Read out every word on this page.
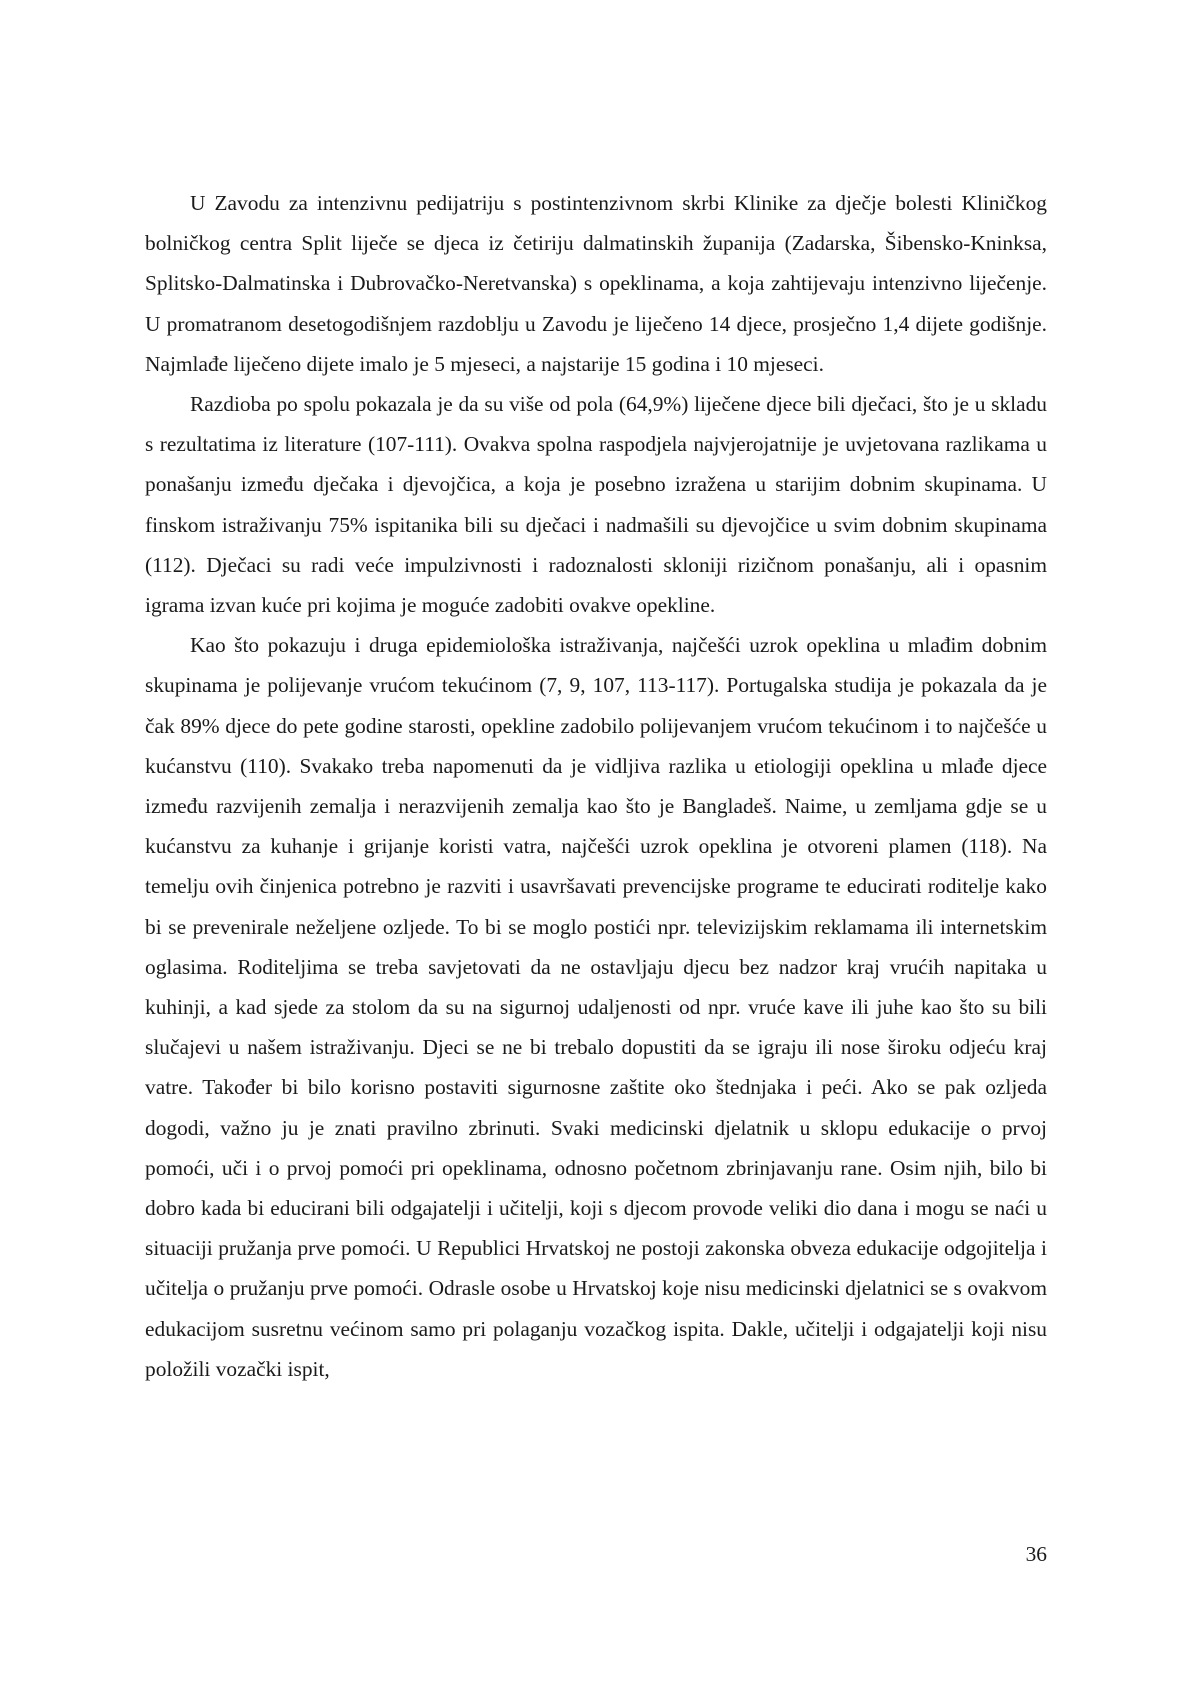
U Zavodu za intenzivnu pedijatriju s postintenzivnom skrbi Klinike za dječje bolesti Kliničkog bolničkog centra Split liječe se djeca iz četiriju dalmatinskih županija (Zadarska, Šibensko-Kninksa, Splitsko-Dalmatinska i Dubrovačko-Neretvanska) s opeklinama, a koja zahtijevaju intenzivno liječenje. U promatranom desetogodišnjem razdoblju u Zavodu je liječeno 14 djece, prosječno 1,4 dijete godišnje. Najmlađe liječeno dijete imalo je 5 mjeseci, a najstarije 15 godina i 10 mjeseci.

Razdioba po spolu pokazala je da su više od pola (64,9%) liječene djece bili dječaci, što je u skladu s rezultatima iz literature (107-111). Ovakva spolna raspodjela najvjerojatnije je uvjetovana razlikama u ponašanju između dječaka i djevojčica, a koja je posebno izražena u starijim dobnim skupinama. U finskom istraživanju 75% ispitanika bili su dječaci i nadmašili su djevojčice u svim dobnim skupinama (112). Dječaci su radi veće impulzivnosti i radoznalosti skloniji rizičnom ponašanju, ali i opasnim igrama izvan kuće pri kojima je moguće zadobiti ovakve opekline.

Kao što pokazuju i druga epidemiološka istraživanja, najčešći uzrok opeklina u mlađim dobnim skupinama je polijevanje vrućom tekućinom (7, 9, 107, 113-117). Portugalska studija je pokazala da je čak 89% djece do pete godine starosti, opekline zadobilo polijevanjem vrućom tekućinom i to najčešće u kućanstvu (110). Svakako treba napomenuti da je vidljiva razlika u etiologiji opeklina u mlađe djece između razvijenih zemalja i nerazvijenih zemalja kao što je Bangladeš. Naime, u zemljama gdje se u kućanstvu za kuhanje i grijanje koristi vatra, najčešći uzrok opeklina je otvoreni plamen (118). Na temelju ovih činjenica potrebno je razviti i usavršavati prevencijske programe te educirati roditelje kako bi se prevenirale neželjene ozljede. To bi se moglo postići npr. televizijskim reklamama ili internetskim oglasima. Roditeljima se treba savjetovati da ne ostavljaju djecu bez nadzor kraj vrućih napitaka u kuhinji, a kad sjede za stolom da su na sigurnoj udaljenosti od npr. vruće kave ili juhe kao što su bili slučajevi u našem istraživanju. Djeci se ne bi trebalo dopustiti da se igraju ili nose široku odjeću kraj vatre. Također bi bilo korisno postaviti sigurnosne zaštite oko štednjaka i peći. Ako se pak ozljeda dogodi, važno ju je znati pravilno zbrinuti. Svaki medicinski djelatnik u sklopu edukacije o prvoj pomoći, uči i o prvoj pomoći pri opeklinama, odnosno početnom zbrinjavanju rane. Osim njih, bilo bi dobro kada bi educirani bili odgajatelji i učitelji, koji s djecom provode veliki dio dana i mogu se naći u situaciji pružanja prve pomoći. U Republici Hrvatskoj ne postoji zakonska obveza edukacije odgojitelja i učitelja o pružanju prve pomoći. Odrasle osobe u Hrvatskoj koje nisu medicinski djelatnici se s ovakvom edukacijom susretnu većinom samo pri polaganju vozačkog ispita. Dakle, učitelji i odgajatelji koji nisu položili vozački ispit,

36
